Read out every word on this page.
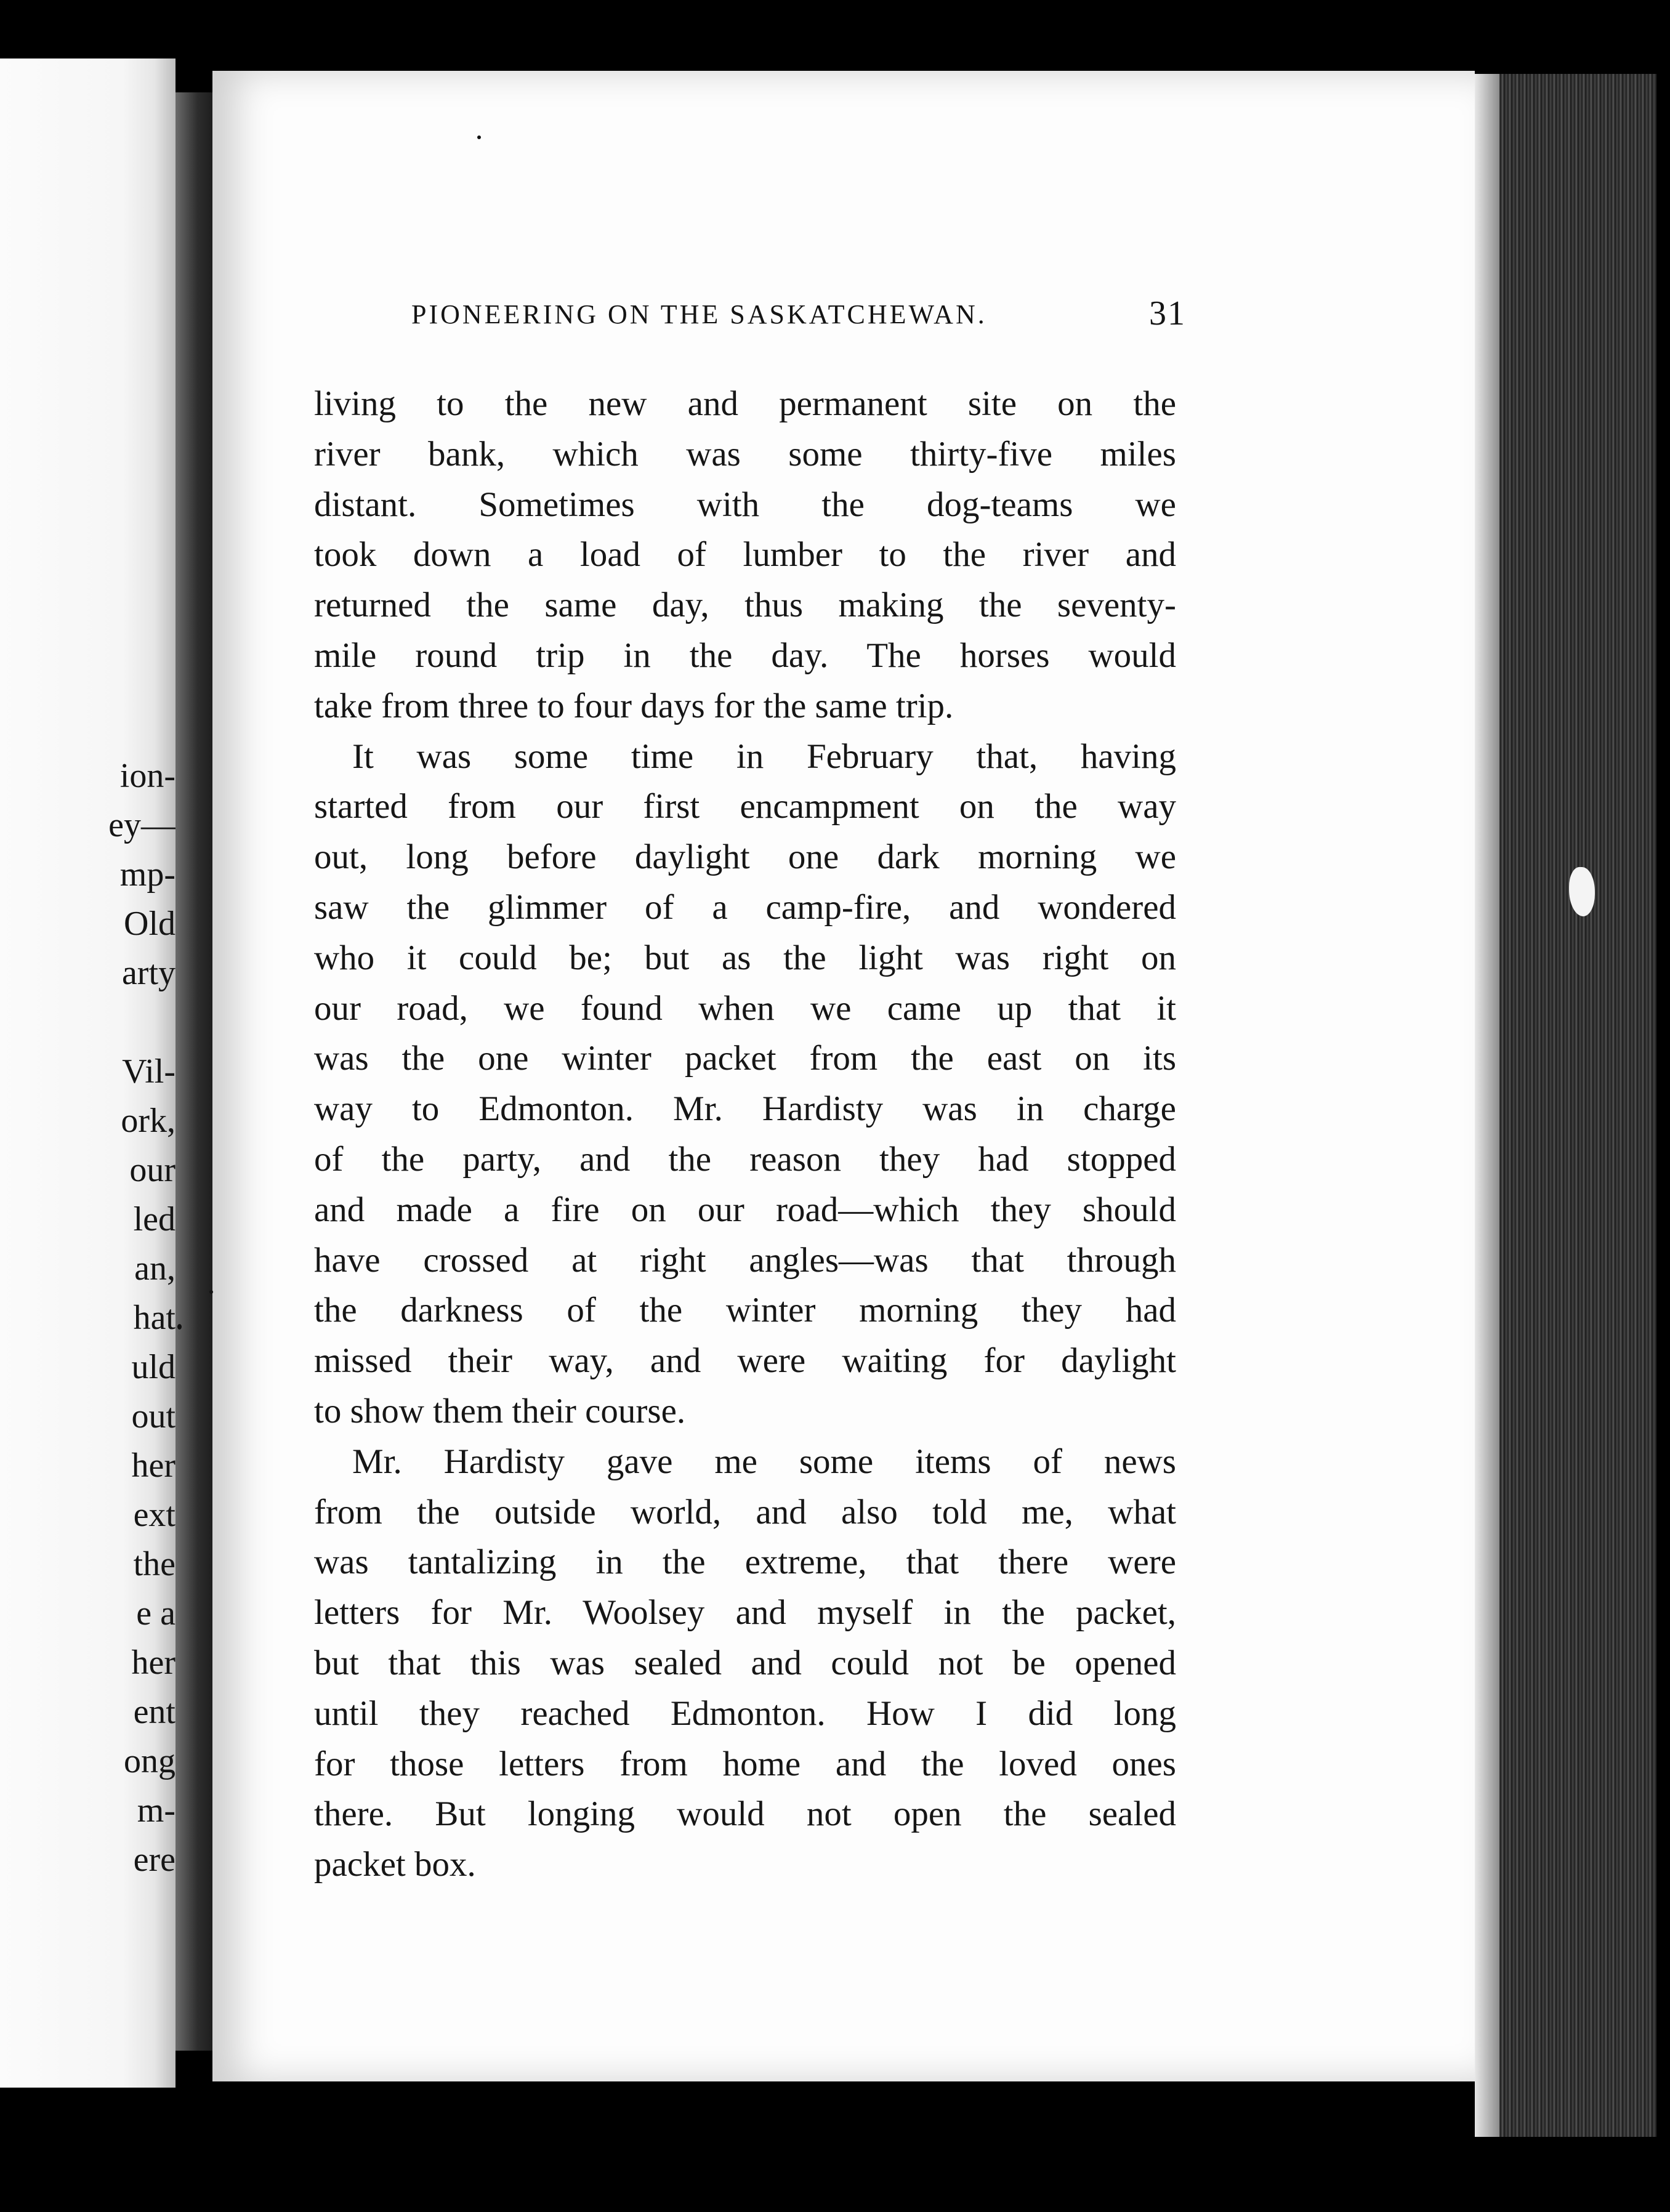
ion-
ey—
mp-
Old
arty
Vil-
ork,
our
led
an,
hat
uld
out
her
ext
the
e a
her
ent
ong
m-
ere
PIONEERING ON THE SASKATCHEWAN.	31
living to the new and permanent site on the
river bank, which was some thirty-five miles
distant. Sometimes with the dog-teams we
took down a load of lumber to the river and
returned the same day, thus making the seventy-
mile round trip in the day. The horses would
take from three to four days for the same trip.
It was some time in February that, having
started from our first encampment on the way
out, long before daylight one dark morning we
saw the glimmer of a camp-fire, and wondered
who it could be; but as the light was right on
our road, we found when we came up that it
was the one winter packet from the east on its
way to Edmonton. Mr. Hardisty was in charge
of the party, and the reason they had stopped
and made a fire on our road—which they should
have crossed at right angles—was that through
the darkness of the winter morning they had
missed their way, and were waiting for daylight
to show them their course.
Mr. Hardisty gave me some items of news
from the outside world, and also told me, what
was tantalizing in the extreme, that there were
letters for Mr. Woolsey and myself in the packet,
but that this was sealed and could not be opened
until they reached Edmonton. How I did long
for those letters from home and the loved ones
there. But longing would not open the sealed
packet box.
